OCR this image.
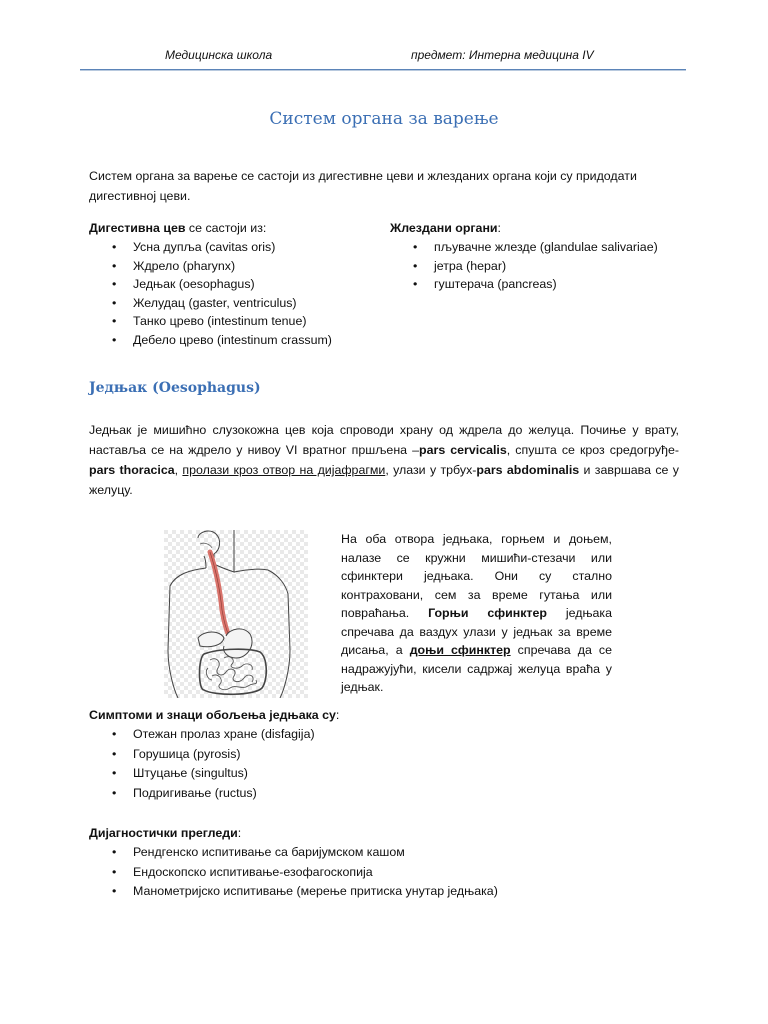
Медицинска школа	предмет: Интерна медицина IV
Систем органа за варење
Систем органа за варење се састоји из дигестивне цеви и жлезданих органа који су придодати дигестивној цеви.
Дигестивна цев се састоји из:
• Усна дупља (cavitas oris)
• Ждрело (pharynx)
• Једњак (oesophagus)
• Желудац (gaster, ventriculus)
• Танко црево (intestinum tenue)
• Дебело црево (intestinum crassum)
Жлездани органи:
• пљувачне жлезде (glandulae salivariae)
• јетра (hepar)
• гуштерача (pancreas)
Једњак (Oesophagus)
Једњак је мишићно слузокожна цев која спроводи храну од ждрела до желуца. Почиње у врату, наставља се на ждрело у нивоу VI вратног пршљена –pars cervicalis, спушта се кроз средогруђе-pars thoracica, пролази кроз отвор на дијафрагми, улази у трбух-pars abdominalis и завршава се у желуцу.
На оба отвора једњака, горњем и доњем, налазе се кружни мишићи-стезачи или сфинктери једњака. Они су стално контраховани, сем за време гутања или повраћања. Горњи сфинктер једњака спречава да ваздух улази у једњак за време дисања, а доњи сфинктер спречава да се надражујући, кисели садржај желуца враћа у једњак.
Симптоми и знаци обољења једњака су:
• Отежан пролаз хране (disfagija)
• Горушица (pyrosis)
• Штуцање (singultus)
• Подригивање (ructus)
Дијагностички прегледи:
• Рендгенско испитивање са баријумском кашом
• Ендоскопско испитивање-езофагоскопија
• Манометријско испитивање (мерење притиска унутар једњака)
